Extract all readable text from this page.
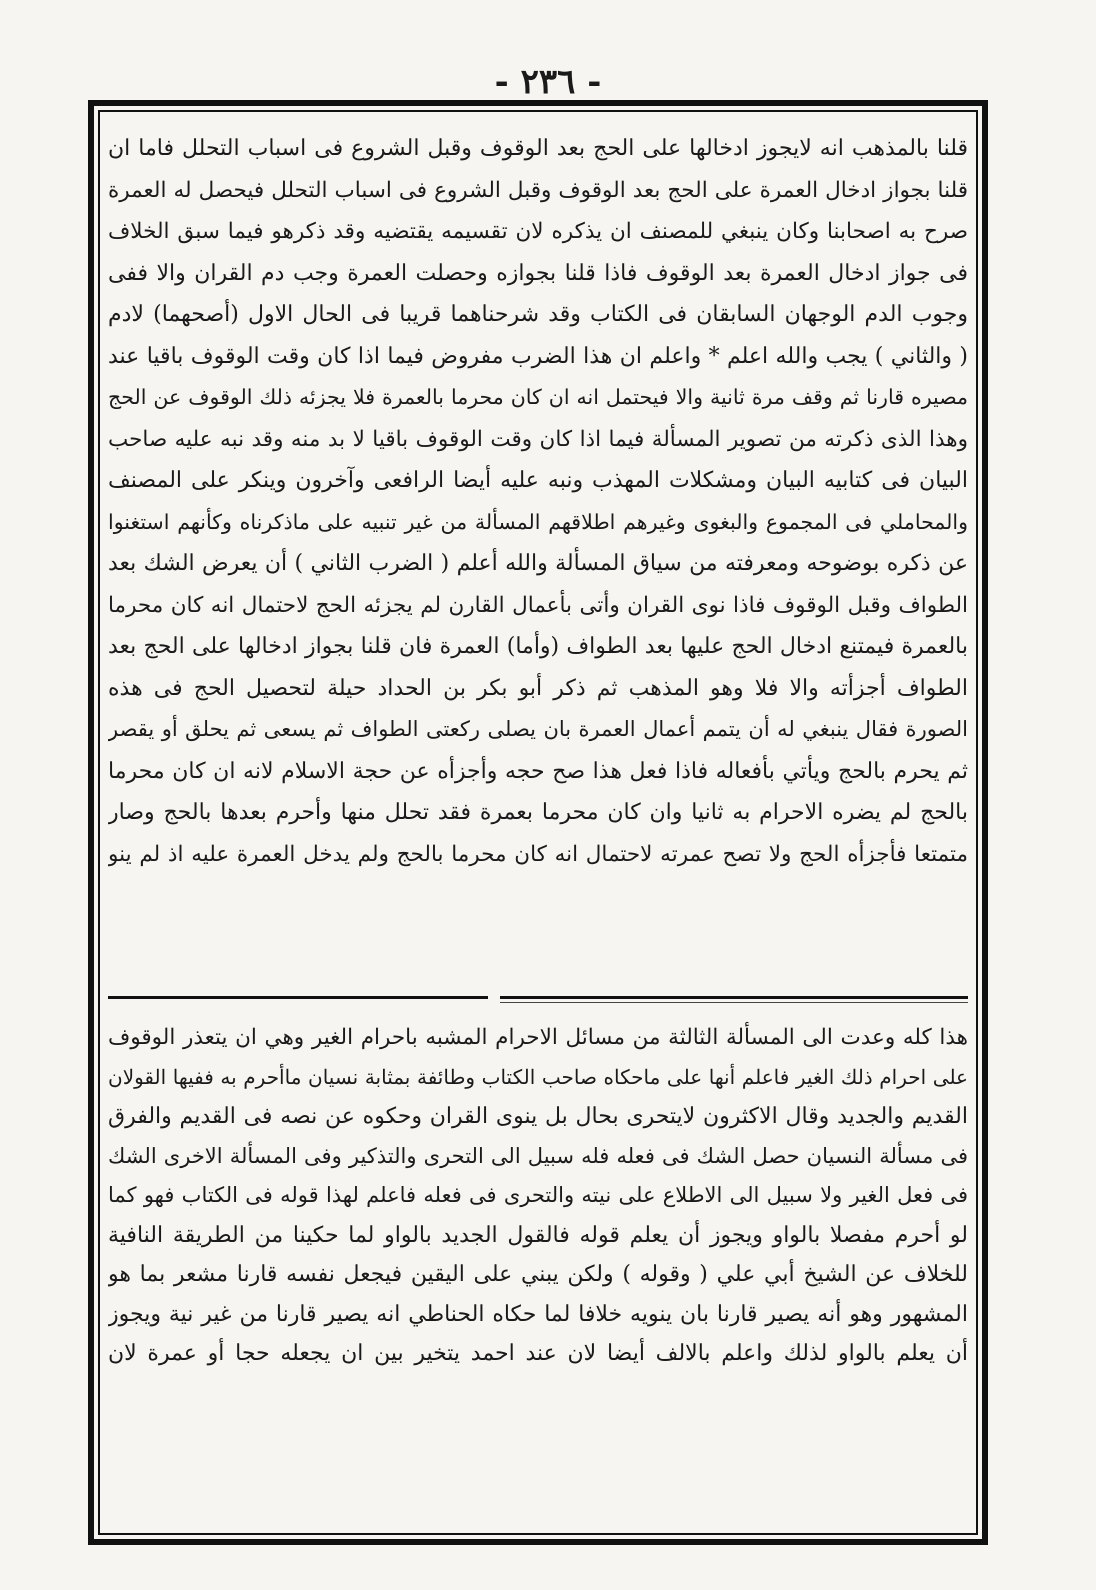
- ٢٣٦ -
قلنا بالمذهب انه لايجوز ادخالها على الحج بعد الوقوف وقبل الشروع فى اسباب التحلل فاما ان
قلنا بجواز ادخال العمرة على الحج بعد الوقوف وقبل الشروع فى اسباب التحلل فيحصل له العمرة
صرح به اصحابنا وكان ينبغي للمصنف ان يذكره لان تقسيمه يقتضيه وقد ذكرهو فيما سبق الخلاف
فى جواز ادخال العمرة بعد الوقوف فاذا قلنا بجوازه وحصلت العمرة وجب دم القران والا ففى
وجوب الدم الوجهان السابقان فى الكتاب وقد شرحناهما قريبا فى الحال الاول (أصحهما) لادم
( والثاني ) يجب والله اعلم * واعلم ان هذا الضرب مفروض فيما اذا كان وقت الوقوف باقيا عند
مصيره قارنا ثم وقف مرة ثانية والا فيحتمل انه ان كان محرما بالعمرة فلا يجزئه ذلك الوقوف عن الحج
وهذا الذى ذكرته من تصوير المسألة فيما اذا كان وقت الوقوف باقيا لا بد منه وقد نبه عليه صاحب
البيان فى كتابيه البيان ومشكلات المهذب ونبه عليه أيضا الرافعى وآخرون وينكر على المصنف
والمحاملي فى المجموع والبغوى وغيرهم اطلاقهم المسألة من غير تنبيه على ماذكرناه وكأنهم استغنوا
عن ذكره بوضوحه ومعرفته من سياق المسألة والله أعلم ( الضرب الثاني ) أن يعرض الشك بعد
الطواف وقبل الوقوف فاذا نوى القران وأتى بأعمال القارن لم يجزئه الحج لاحتمال انه كان محرما
بالعمرة فيمتنع ادخال الحج عليها بعد الطواف (وأما) العمرة فان قلنا بجواز ادخالها على الحج بعد
الطواف أجزأته والا فلا وهو المذهب ثم ذكر أبو بكر بن الحداد حيلة لتحصيل الحج فى هذه
الصورة فقال ينبغي له أن يتمم أعمال العمرة بان يصلى ركعتى الطواف ثم يسعى ثم يحلق أو يقصر
ثم يحرم بالحج ويأتي بأفعاله فاذا فعل هذا صح حجه وأجزأه عن حجة الاسلام لانه ان كان محرما
بالحج لم يضره الاحرام به ثانيا وان كان محرما بعمرة فقد تحلل منها وأحرم بعدها بالحج وصار
متمتعا فأجزأه الحج ولا تصح عمرته لاحتمال انه كان محرما بالحج ولم يدخل العمرة عليه اذ لم ينو
هذا كله وعدت الى المسألة الثالثة من مسائل الاحرام المشبه باحرام الغير وهي ان يتعذر الوقوف
على احرام ذلك الغير فاعلم أنها على ماحكاه صاحب الكتاب وطائفة بمثابة نسيان ماأحرم به ففيها القولان
القديم والجديد وقال الاكثرون لايتحرى بحال بل ينوى القران وحكوه عن نصه فى القديم والفرق
فى مسألة النسيان حصل الشك فى فعله فله سبيل الى التحرى والتذكير وفى المسألة الاخرى الشك
فى فعل الغير ولا سبيل الى الاطلاع على نيته والتحرى فى فعله فاعلم لهذا قوله فى الكتاب فهو كما
لو أحرم مفصلا بالواو ويجوز أن يعلم قوله فالقول الجديد بالواو لما حكينا من الطريقة النافية
للخلاف عن الشيخ أبي علي ( وقوله ) ولكن يبني على اليقين فيجعل نفسه قارنا مشعر بما هو
المشهور وهو أنه يصير قارنا بان ينويه خلافا لما حكاه الحناطي انه يصير قارنا من غير نية ويجوز
أن يعلم بالواو لذلك واعلم بالالف أيضا لان عند احمد يتخير بين ان يجعله حجا أو عمرة لان
